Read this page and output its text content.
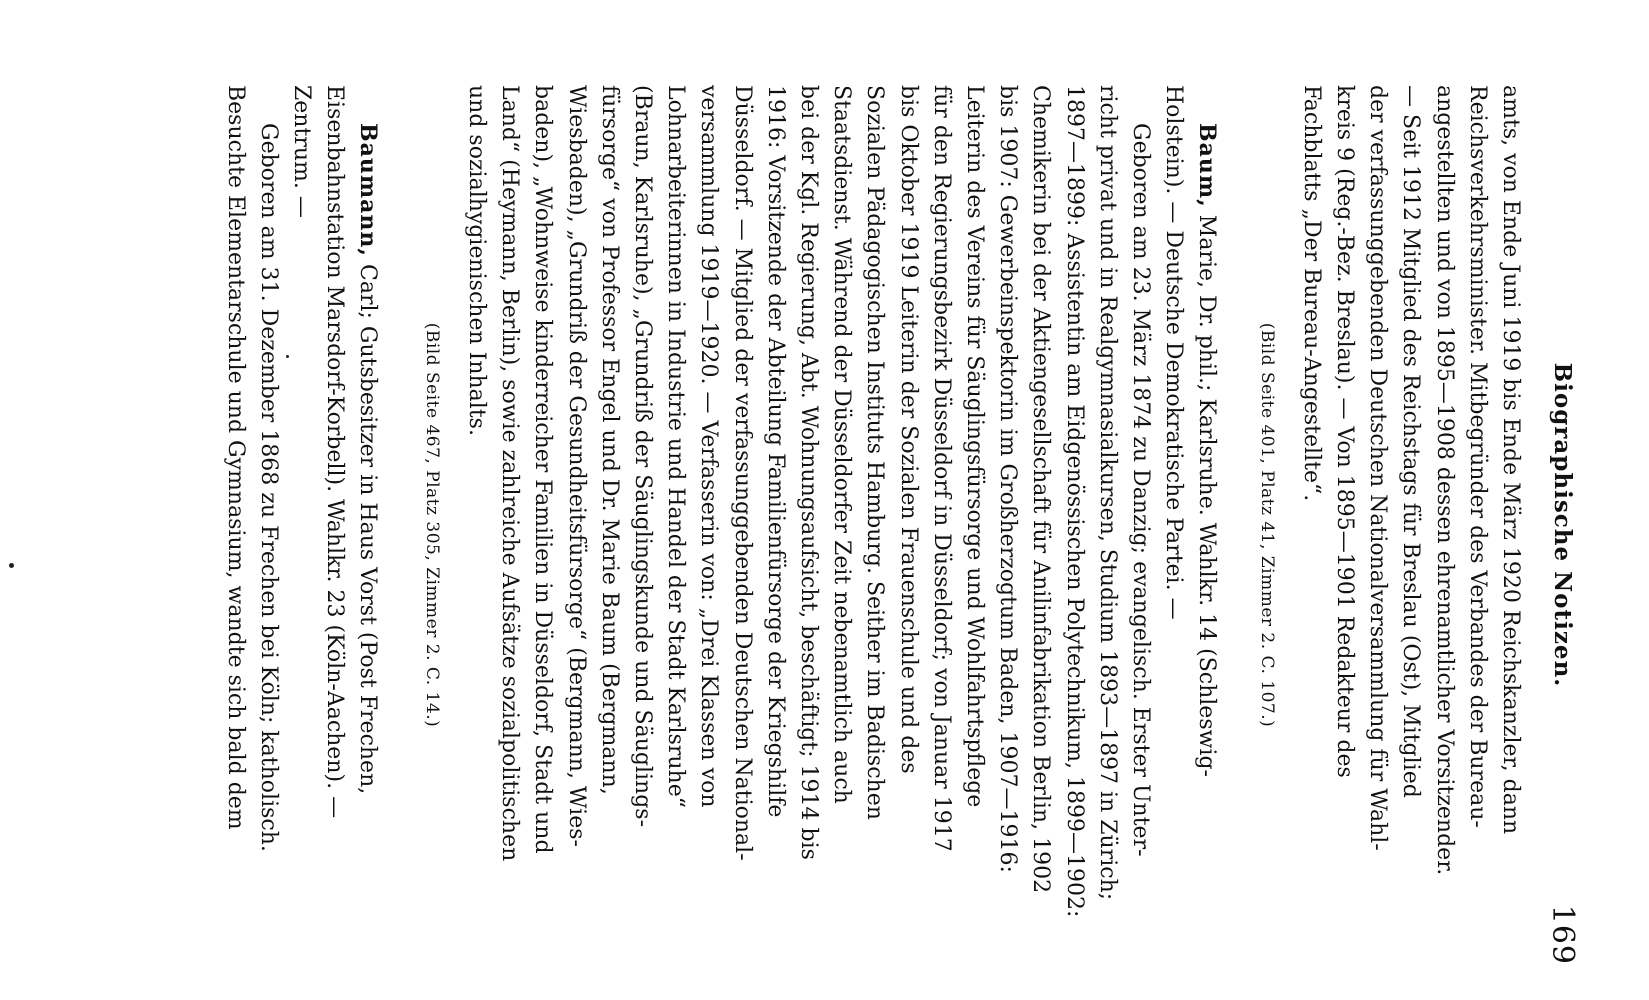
Biographische Notizen.
169
amts, von Ende Juni 1919 bis Ende März 1920 Reichskanzler, dann
Reichsverkehrsminister. Mitbegründer des Verbandes der Bureau-
angestellten und von 1895—1908 dessen ehrenamtlicher Vorsitzender.
— Seit 1912 Mitglied des Reichstags für Breslau (Ost), Mitglied
der verfassunggebenden Deutschen Nationalversammlung für Wahl-
kreis 9 (Reg.-Bez. Breslau). — Von 1895—1901 Redakteur des
Fachblatts „Der Bureau-Angestellte“.
(Bild Seite 401, Platz 41, Zimmer 2. C. 107.)
Baum, Marie, Dr. phil.; Karlsruhe. Wahlkr. 14 (Schleswig-
Holstein). — Deutsche Demokratische Partei. —
Geboren am 23. März 1874 zu Danzig; evangelisch. Erster Unter-
richt privat und in Realgymnasialkursen, Studium 1893—1897 in Zürich;
1897—1899: Assistentin am Eidgenössischen Polytechnikum, 1899—1902:
Chemikerin bei der Aktiengesellschaft für Anilinfabrikation Berlin, 1902
bis 1907: Gewerbeinspektorin im Großherzogtum Baden, 1907—1916:
Leiterin des Vereins für Säuglingsfürsorge und Wohlfahrtspflege
für den Regierungsbezirk Düsseldorf in Düsseldorf; von Januar 1917
bis Oktober 1919 Leiterin der Sozialen Frauenschule und des
Sozialen Pädagogischen Instituts Hamburg. Seither im Badischen
Staatsdienst. Während der Düsseldorfer Zeit nebenamtlich auch
bei der Kgl. Regierung, Abt. Wohnungsaufsicht, beschäftigt; 1914 bis
1916: Vorsitzende der Abteilung Familienfürsorge der Kriegshilfe
Düsseldorf. — Mitglied der verfassunggebenden Deutschen National-
versammlung 1919—1920. — Verfasserin von: „Drei Klassen von
Lohnarbeiterinnen in Industrie und Handel der Stadt Karlsruhe“
(Braun, Karlsruhe), „Grundriß der Säuglingskunde und Säuglings-
fürsorge“ von Professor Engel und Dr. Marie Baum (Bergmann,
Wiesbaden), „Grundriß der Gesundheitsfürsorge“ (Bergmann, Wies-
baden), „Wohnweise kinderreicher Familien in Düsseldorf, Stadt und
Land“ (Heymann, Berlin), sowie zahlreiche Aufsätze sozialpolitischen
und sozialhygienischen Inhalts.
(Bild Seite 467, Platz 305, Zimmer 2. C. 14.)
Baumann, Carl; Gutsbesitzer in Haus Vorst (Post Frechen,
Eisenbahnstation Marsdorf-Korbell). Wahlkr. 23 (Köln-Aachen). —
Zentrum. —
Geboren am 31. Dezember 1868 zu Frechen bei Köln; katholisch.
Besuchte Elementarschule und Gymnasium, wandte sich bald dem
